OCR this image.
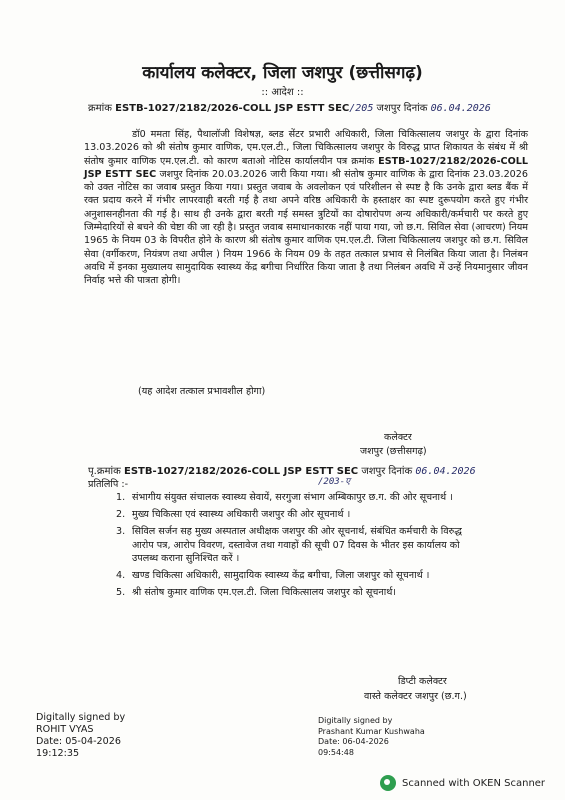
कार्यालय कलेक्टर, जिला जशपुर (छत्तीसगढ़)
:: आदेश ::
क्रमांक ESTB-1027/2182/2026-COLL JSP ESTT SEC/205 जशपुर दिनांक 06.04.2026
डॉ0 ममता सिंह, पैथालॉजी विशेषज्ञ, ब्लड सेंटर प्रभारी अधिकारी, जिला चिकित्सालय जशपुर के द्वारा दिनांक 13.03.2026 को श्री संतोष कुमार वाणिक, एम.एल.टी., जिला चिकित्सालय जशपुर के विरुद्ध प्राप्त शिकायत के संबंध में श्री संतोष कुमार वाणिक एम.एल.टी. को कारण बताओ नोटिस कार्यालयीन पत्र क्रमांक ESTB-1027/2182/2026-COLL JSP ESTT SEC जशपुर दिनांक 20.03.2026 जारी किया गया। श्री संतोष कुमार वाणिक के द्वारा दिनांक 23.03.2026 को उक्त नोटिस का जवाब प्रस्तुत किया गया। प्रस्तुत जवाब के अवलोकन एवं परिशीलन से स्पष्ट है कि उनके द्वारा ब्लड बैंक में रक्त प्रदाय करने में गंभीर लापरवाही बरती गई है तथा अपने वरिष्ठ अधिकारी के हस्ताक्षर का स्पष्ट दुरूपयोग करते हुए गंभीर अनुशासनहीनता की गई है। साथ ही उनके द्वारा बरती गई समस्त त्रुटियों का दोषारोपण अन्य अधिकारी/कर्मचारी पर करते हुए जिम्मेदारियों से बचने की चेष्टा की जा रही है। प्रस्तुत जवाब समाधानकारक नहीं पाया गया, जो छ.ग. सिविल सेवा (आचरण) नियम 1965 के नियम 03 के विपरीत होने के कारण श्री संतोष कुमार वाणिक एम.एल.टी. जिला चिकित्सालय जशपुर को छ.ग. सिविल सेवा (वर्गीकरण, नियंत्रण तथा अपील ) नियम 1966 के नियम 09 के तहत तत्काल प्रभाव से निलंबित किया जाता है। निलंबन अवधि में इनका मुख्यालय सामुदायिक स्वास्थ्य केंद्र बगीचा निर्धारित किया जाता है तथा निलंबन अवधि में उन्हें नियमानुसार जीवन निर्वाह भत्ते की पात्रता होगी।
(यह आदेश तत्काल प्रभावशील होगा)
कलेक्टर
जशपुर (छत्तीसगढ़)
पृ.क्रमांक ESTB-1027/2182/2026-COLL JSP ESTT SEC जशपुर दिनांक 06.04.2026
/203-ए
प्रतिलिपि :-
1. संभागीय संयुक्त संचालक स्वास्थ्य सेवायें, सरगुजा संभाग अम्बिकापुर छ.ग. की ओर सूचनार्थ ।
2. मुख्य चिकित्सा एवं स्वास्थ्य अधिकारी जशपुर की ओर सूचनार्थ ।
3. सिविल सर्जन सह मुख्य अस्पताल अधीक्षक जशपुर की ओर सूचनार्थ, संबंधित कर्मचारी के विरुद्ध आरोप पत्र, आरोप विवरण, दस्तावेज तथा गवाहों की सूची 07 दिवस के भीतर इस कार्यालय को उपलब्ध कराना सुनिश्चित करें ।
4. खण्ड चिकित्सा अधिकारी, सामुदायिक स्वास्थ्य केंद्र बगीचा, जिला जशपुर को सूचनार्थ ।
5. श्री संतोष कुमार वाणिक एम.एल.टी. जिला चिकित्सालय जशपुर को सूचनार्थ।
डिप्टी कलेक्टर
वास्ते कलेक्टर जशपुर (छ.ग.)
Digitally signed by
ROHIT VYAS
Date: 05-04-2026
19:12:35
Digitally signed by
Prashant Kumar Kushwaha
Date: 06-04-2026
09:54:48
Scanned with OKEN Scanner
